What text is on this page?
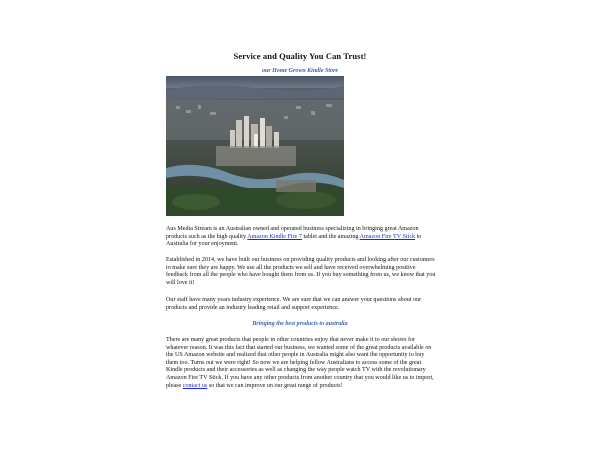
Service and Quality You Can Trust!
our Home Grown Kindle Store

Aus Media Stream is an Australian owned and operated business specializing in bringing great Amazon products such as the high quality Amazon Kindle Fire 7 tablet and the amazing Amazon Fire TV Stick to Australia for your enjoyment.

Established in 2014, we have built our business on providing quality products and looking after our customers to make sure they are happy. We use all the products we sell and have received overwhelming positive feedback from all the people who have bought them from us. If you buy something from us, we know that you will love it!

Our staff have many years industry experience. We are sure that we can answer your questions about our products and provide an industry leading retail and support experience.

Bringing the best products to australia

There are many great products that people in other countries enjoy that never make it to our shores for whatever reason. It was this fact that started our business, we wanted some of the great products available on the US Amazon website and realized that other people in Australia might also want the opportunity to buy them too. Turns out we were right! So now we are helping fellow Australians to access some of the great Kindle products and their accessories as well as changing the way people watch TV with the revolutionary Amazon Fire TV Stick. If you have any other products from another country that you would like us to import, please contact us so that we can improve on our great range of products!
